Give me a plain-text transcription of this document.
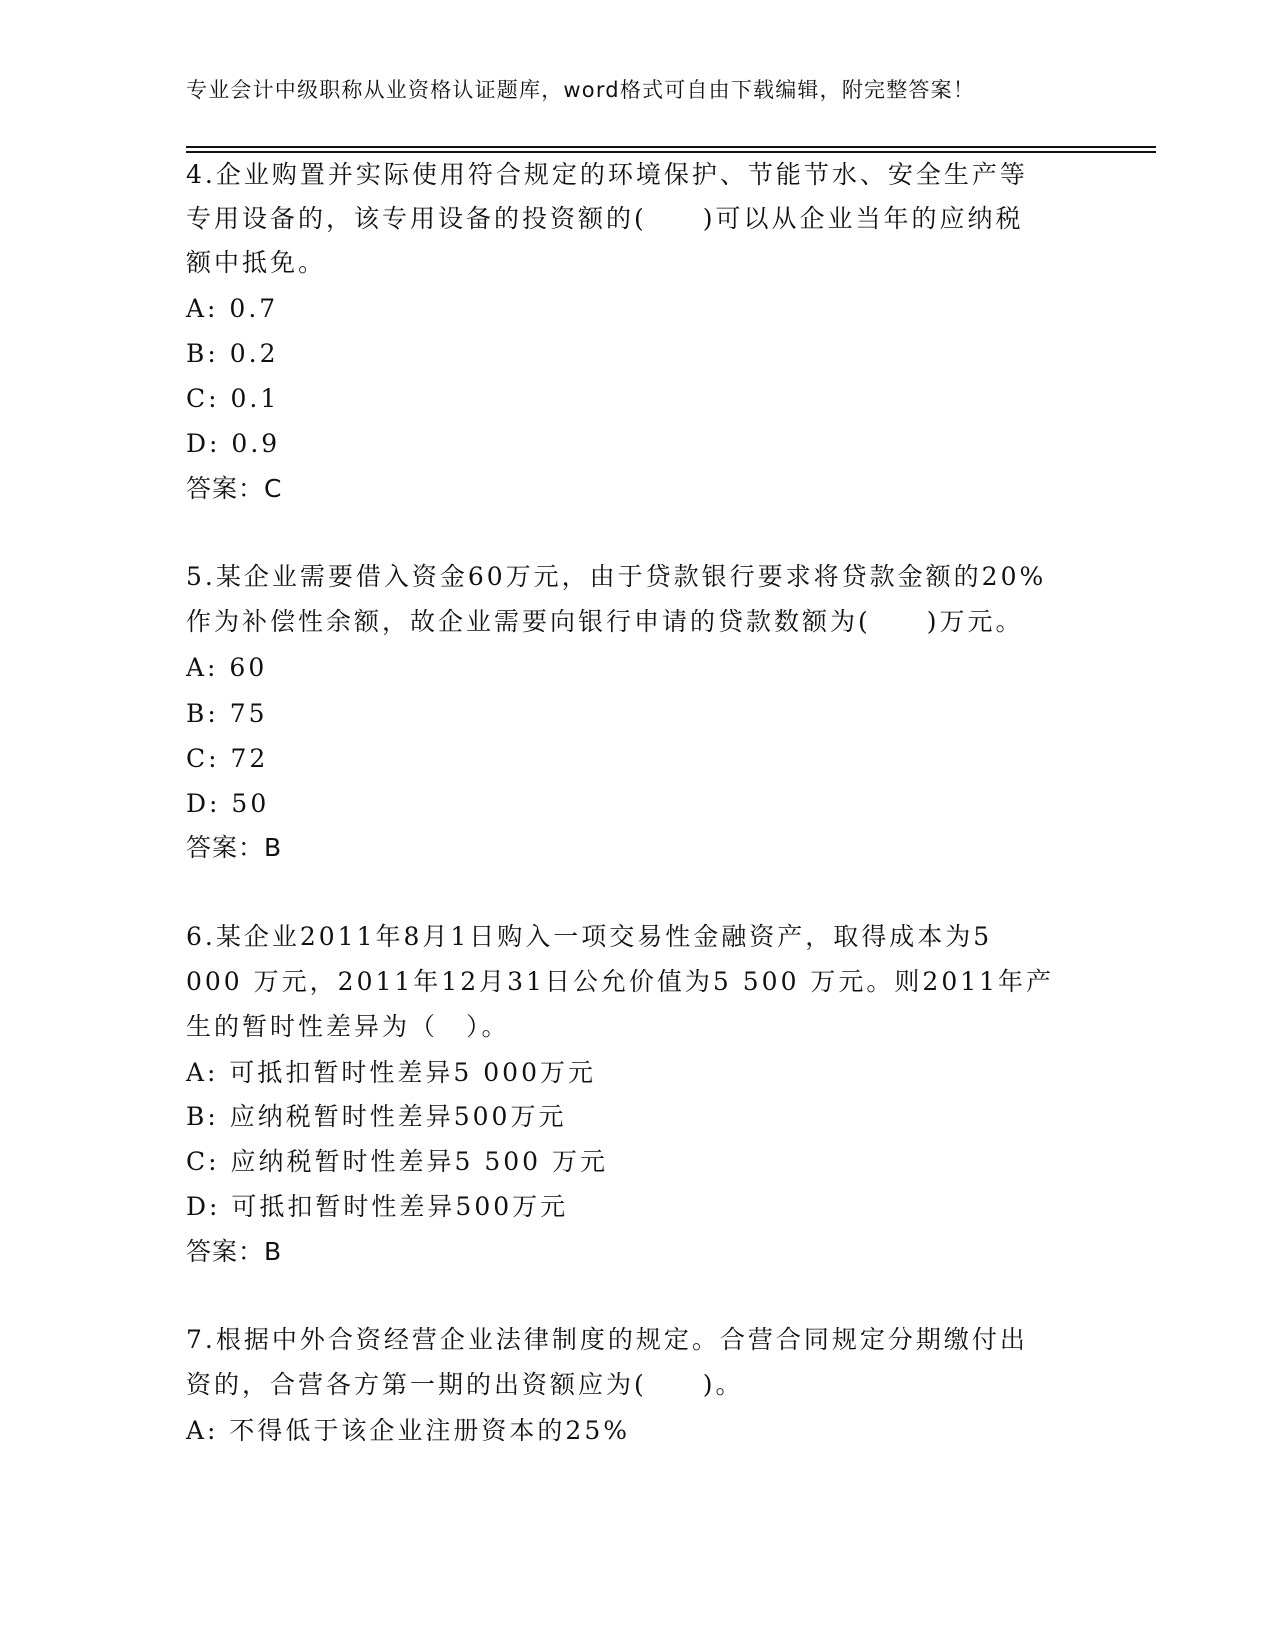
专业会计中级职称从业资格认证题库，word格式可自由下载编辑，附完整答案！
4.企业购置并实际使用符合规定的环境保护、节能节水、安全生产等
专用设备的，该专用设备的投资额的(　　)可以从企业当年的应纳税
额中抵免。
A: 0.7
B: 0.2
C: 0.1
D: 0.9
答案：C
5.某企业需要借入资金60万元，由于贷款银行要求将贷款金额的20%
作为补偿性余额，故企业需要向银行申请的贷款数额为(　　)万元。
A: 60
B: 75
C: 72
D: 50
答案：B
6.某企业2011年8月1日购入一项交易性金融资产，取得成本为5
000 万元，2011年12月31日公允价值为5 500 万元。则2011年产
生的暂时性差异为（　）。
A: 可抵扣暂时性差异5 000万元
B: 应纳税暂时性差异500万元
C: 应纳税暂时性差异5 500 万元
D: 可抵扣暂时性差异500万元
答案：B
7.根据中外合资经营企业法律制度的规定。合营合同规定分期缴付出
资的，合营各方第一期的出资额应为(　　)。
A: 不得低于该企业注册资本的25%
